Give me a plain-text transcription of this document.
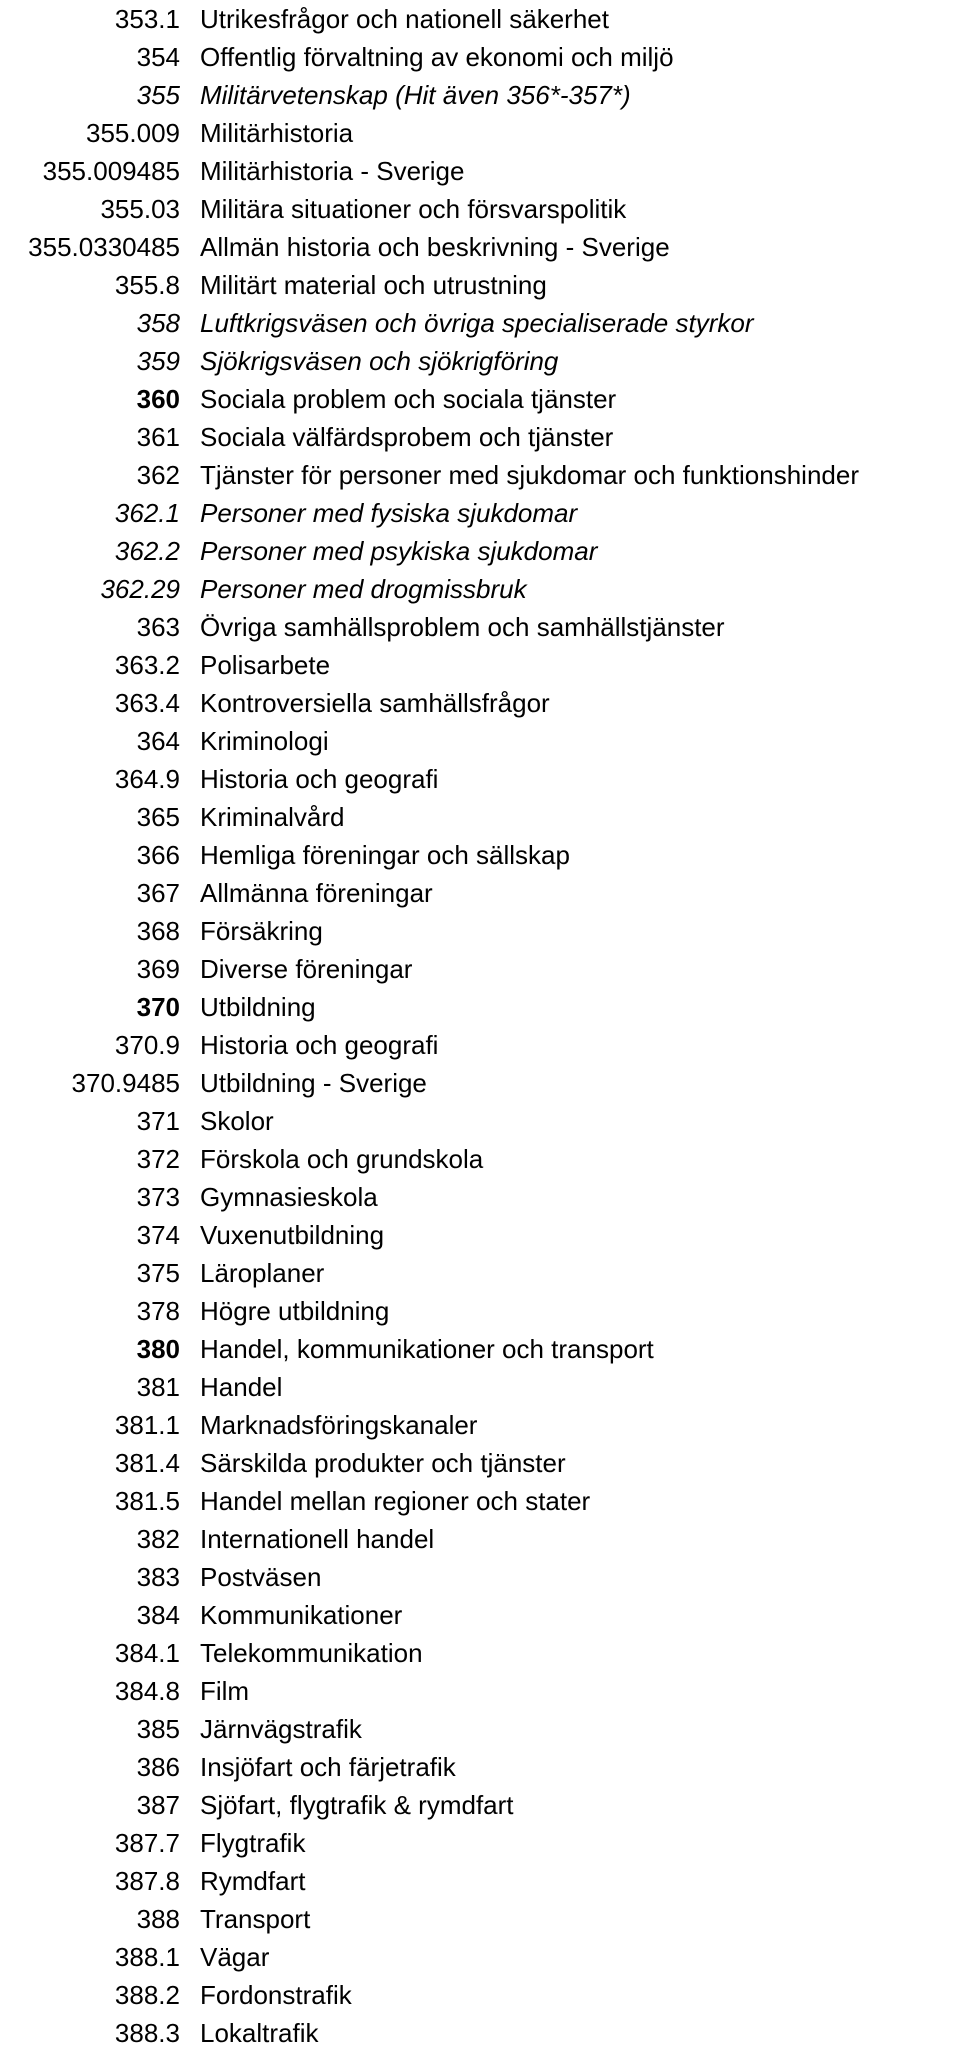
353.1 Utrikesfrågor och nationell säkerhet
354 Offentlig förvaltning av ekonomi och miljö
355 Militärvetenskap (Hit även 356*-357*)
355.009 Militärhistoria
355.009485 Militärhistoria - Sverige
355.03 Militära situationer och försvarspolitik
355.0330485 Allmän historia och beskrivning - Sverige
355.8 Militärt material och utrustning
358 Luftkrigsväsen och övriga specialiserade styrkor
359 Sjökrigsväsen och sjökrigföring
360 Sociala problem och sociala tjänster
361 Sociala välfärdsprobem och tjänster
362 Tjänster för personer med sjukdomar och funktionshinder
362.1 Personer med fysiska sjukdomar
362.2 Personer med psykiska sjukdomar
362.29 Personer med drogmissbruk
363 Övriga samhällsproblem och samhällstjänster
363.2 Polisarbete
363.4 Kontroversiella samhällsfrågor
364 Kriminologi
364.9 Historia och geografi
365 Kriminalvård
366 Hemliga föreningar och sällskap
367 Allmänna föreningar
368 Försäkring
369 Diverse föreningar
370 Utbildning
370.9 Historia och geografi
370.9485 Utbildning - Sverige
371 Skolor
372 Förskola och grundskola
373 Gymnasieskola
374 Vuxenutbildning
375 Läroplaner
378 Högre utbildning
380 Handel, kommunikationer och transport
381 Handel
381.1 Marknadsföringskanaler
381.4 Särskilda produkter och tjänster
381.5 Handel mellan regioner och stater
382 Internationell handel
383 Postväsen
384 Kommunikationer
384.1 Telekommunikation
384.8 Film
385 Järnvägstrafik
386 Insjöfart och färjetrafik
387 Sjöfart, flygtrafik & rymdfart
387.7 Flygtrafik
387.8 Rymdfart
388 Transport
388.1 Vägar
388.2 Fordonstrafik
388.3 Lokaltrafik
